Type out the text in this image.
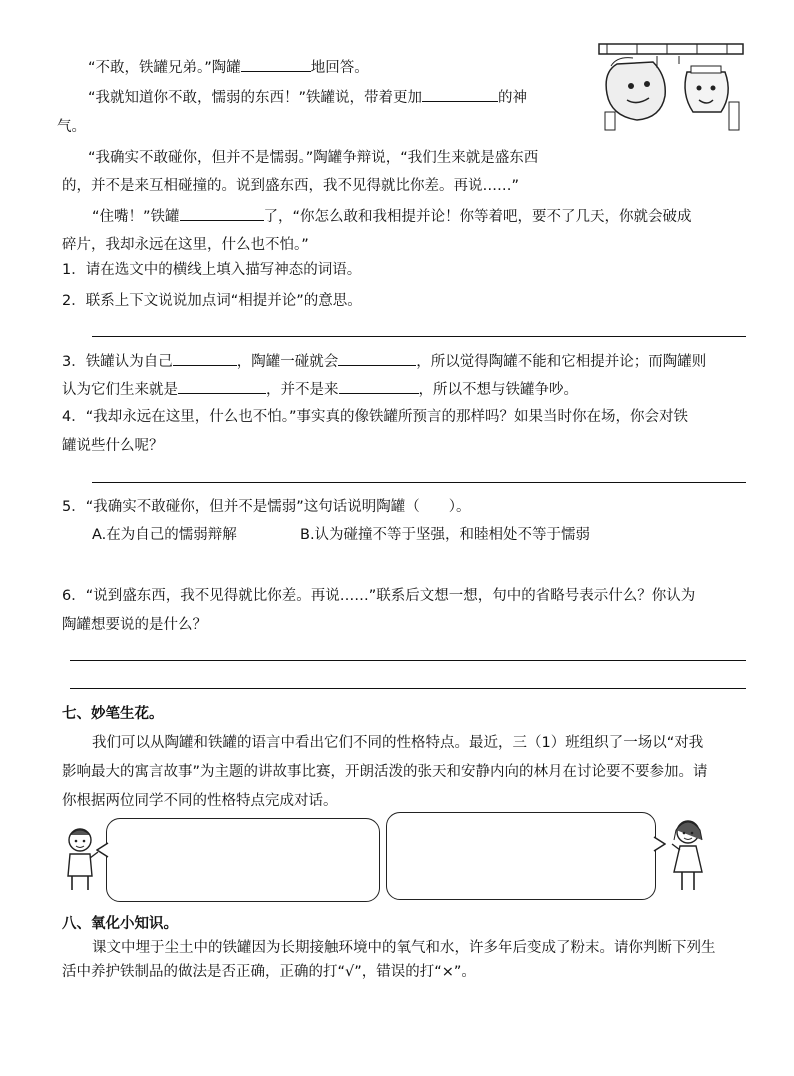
“不敢，铁罐兄弟。”陶罐	地回答。
“我就知道你不敢，懦弱的东西！”铁罐说，带着更加	的神
气。
“我确实不敢碰你，但并不是懦弱。”陶罐争辩说，“我们生来就是盛东西
的，并不是来互相碰撞的。说到盛东西，我不见得就比你差。再说……”
“住嘴！”铁罐	了，“你怎么敢和我相提并论！你等着吧，要不了几天，你就会破成
碎片，我却永远在这里，什么也不怕。”
1．请在选文中的横线上填入描写神态的词语。
2．联系上下文说说加点词“相提并论”的意思。
3．铁罐认为自己	，陶罐一碰就会	，所以觉得陶罐不能和它相提并论；而陶罐则
认为它们生来就是	，并不是来	，所以不想与铁罐争吵。
4．“我却永远在这里，什么也不怕。”事实真的像铁罐所预言的那样吗？如果当时你在场，你会对铁
罐说些什么呢？
5．“我确实不敢碰你，但并不是懦弱”这句话说明陶罐（　　）。
A.在为自己的懦弱辩解	B.认为碰撞不等于坚强，和睦相处不等于懦弱
6．“说到盛东西，我不见得就比你差。再说……”联系后文想一想，句中的省略号表示什么？你认为
陶罐想要说的是什么？
七、妙笔生花。
我们可以从陶罐和铁罐的语言中看出它们不同的性格特点。最近，三（1）班组织了一场以“对我
影响最大的寓言故事”为主题的讲故事比赛，开朗活泼的张天和安静内向的林月在讨论要不要参加。请
你根据两位同学不同的性格特点完成对话。
八、氧化小知识。
课文中埋于尘土中的铁罐因为长期接触环境中的氧气和水，许多年后变成了粉末。请你判断下列生
活中养护铁制品的做法是否正确，正确的打“√”，错误的打“×”。
